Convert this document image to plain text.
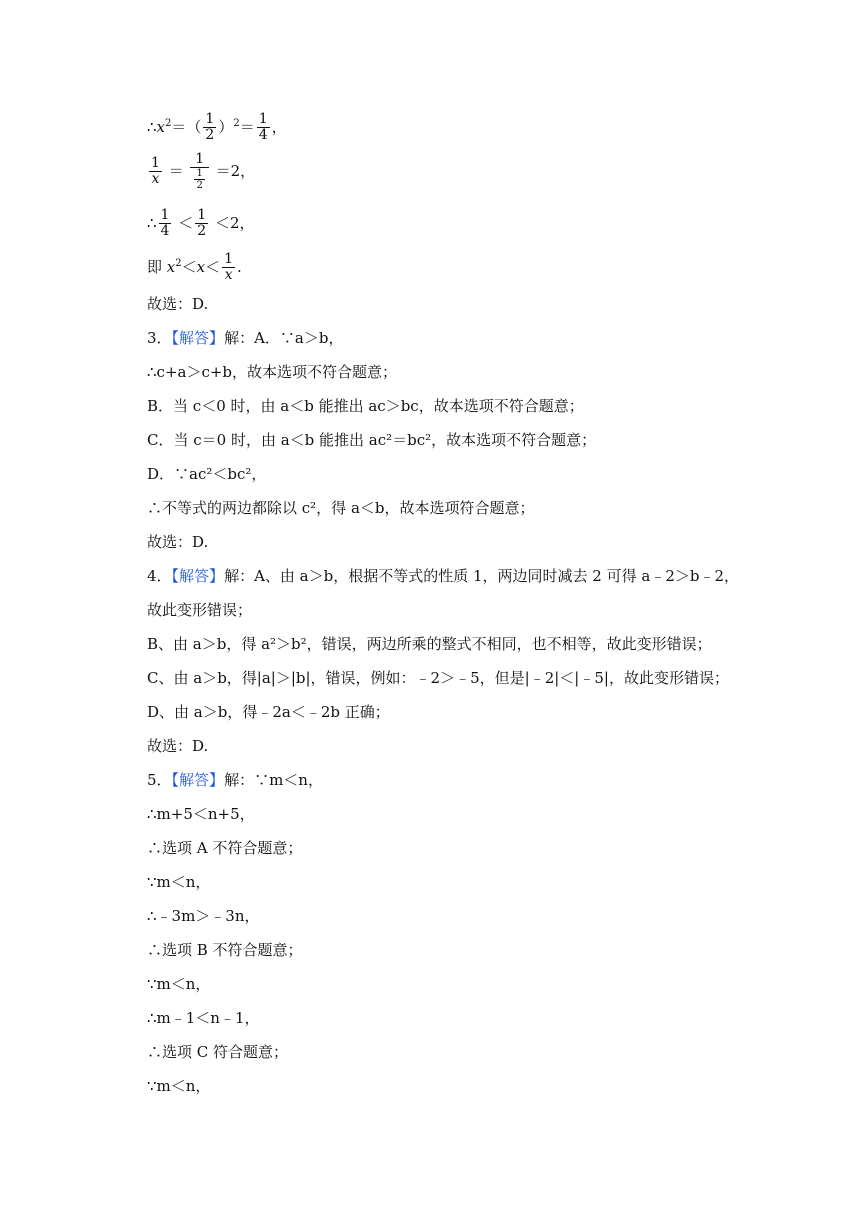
$\therefore x^2=( \frac{1}{2} )^2= \frac{1}{4}$ ，
$\frac{1}{x} = \frac{1}{\frac{1}{2}} =2$，
∴ $\frac{1}{4} < \frac{1}{2} <2$，
即 $x^2<x< \frac{1}{x}$ .
故选：D.
3．【解答】解：A．∵a＞b，
∴c+a＞c+b，故本选项不符合题意；
B．当 c＜0 时，由 a＜b 能推出 ac＞bc，故本选项不符合题意；
C．当 c＝0 时，由 a＜b 能推出 ac²＝bc²，故本选项不符合题意；
D．∵ac²＜bc²，
∴不等式的两边都除以 c²，得 a＜b，故本选项符合题意；
故选：D.
4．【解答】解：A、由 a＞b，根据不等式的性质 1，两边同时减去 2 可得 a﹣2＞b﹣2，
故此变形错误；
B、由 a＞b，得 a²＞b²，错误，两边所乘的整式不相同，也不相等，故此变形错误；
C、由 a＞b，得|a|＞|b|，错误，例如：﹣2＞﹣5，但是|﹣2|＜|﹣5|，故此变形错误；
D、由 a＞b，得﹣2a＜﹣2b 正确；
故选：D.
5．【解答】解：∵m＜n，
∴m+5＜n+5，
∴选项 A 不符合题意；
∵m＜n，
∴﹣3m＞﹣3n，
∴选项 B 不符合题意；
∵m＜n，
∴m﹣1＜n﹣1，
∴选项 C 符合题意；
∵m＜n，
